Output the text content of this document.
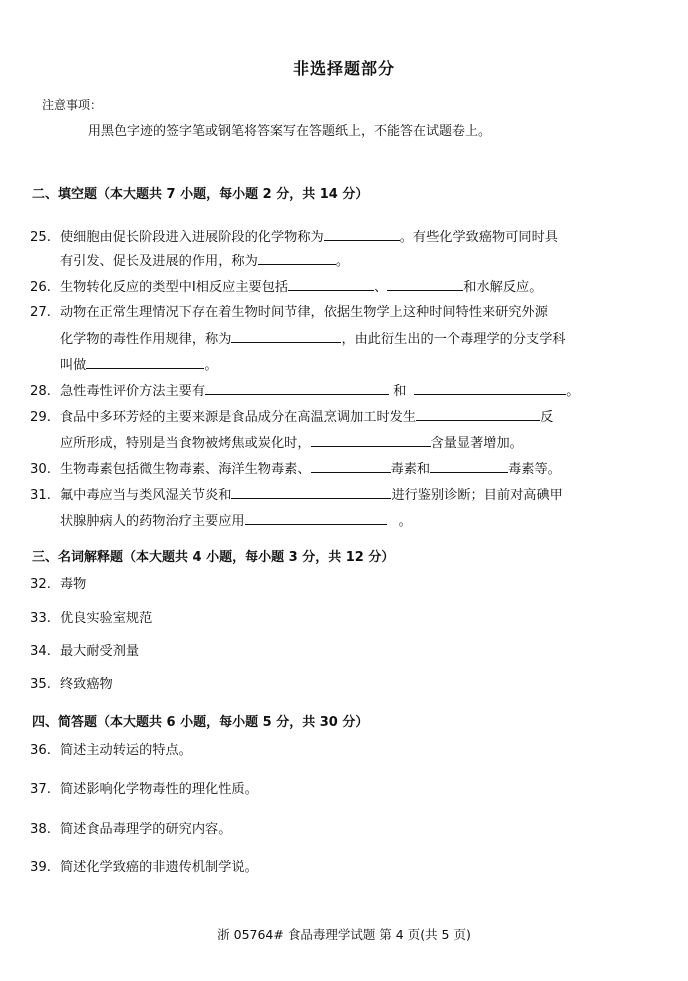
非选择题部分
注意事项：
用黑色字迹的签字笔或钢笔将答案写在答题纸上，不能答在试题卷上。
二、填空题（本大题共 7 小题，每小题 2 分，共 14 分）
25. 使细胞由促长阶段进入进展阶段的化学物称为	。有些化学致癌物可同时具
有引发、促长及进展的作用，称为	。
26. 生物转化反应的类型中Ⅰ相反应主要包括	、	和水解反应。
27. 动物在正常生理情况下存在着生物时间节律，依据生物学上这种时间特性来研究外源
化学物的毒性作用规律，称为	，由此衍生出的一个毒理学的分支学科
叫做	。
28. 急性毒性评价方法主要有	和	。
29. 食品中多环芳烃的主要来源是食品成分在高温烹调加工时发生	反
应所形成，特别是当食物被烤焦或炭化时，	含量显著增加。
30. 生物毒素包括微生物毒素、海洋生物毒素、	毒素和	毒素等。
31. 氟中毒应当与类风湿关节炎和	进行鉴别诊断；目前对高碘甲
状腺肿病人的药物治疗主要应用	。
三、名词解释题（本大题共 4 小题，每小题 3 分，共 12 分）
32. 毒物
33. 优良实验室规范
34. 最大耐受剂量
35. 终致癌物
四、简答题（本大题共 6 小题，每小题 5 分，共 30 分）
36. 简述主动转运的特点。
37. 简述影响化学物毒性的理化性质。
38. 简述食品毒理学的研究内容。
39. 简述化学致癌的非遗传机制学说。
浙 05764# 食品毒理学试题 第 4 页(共 5 页)
